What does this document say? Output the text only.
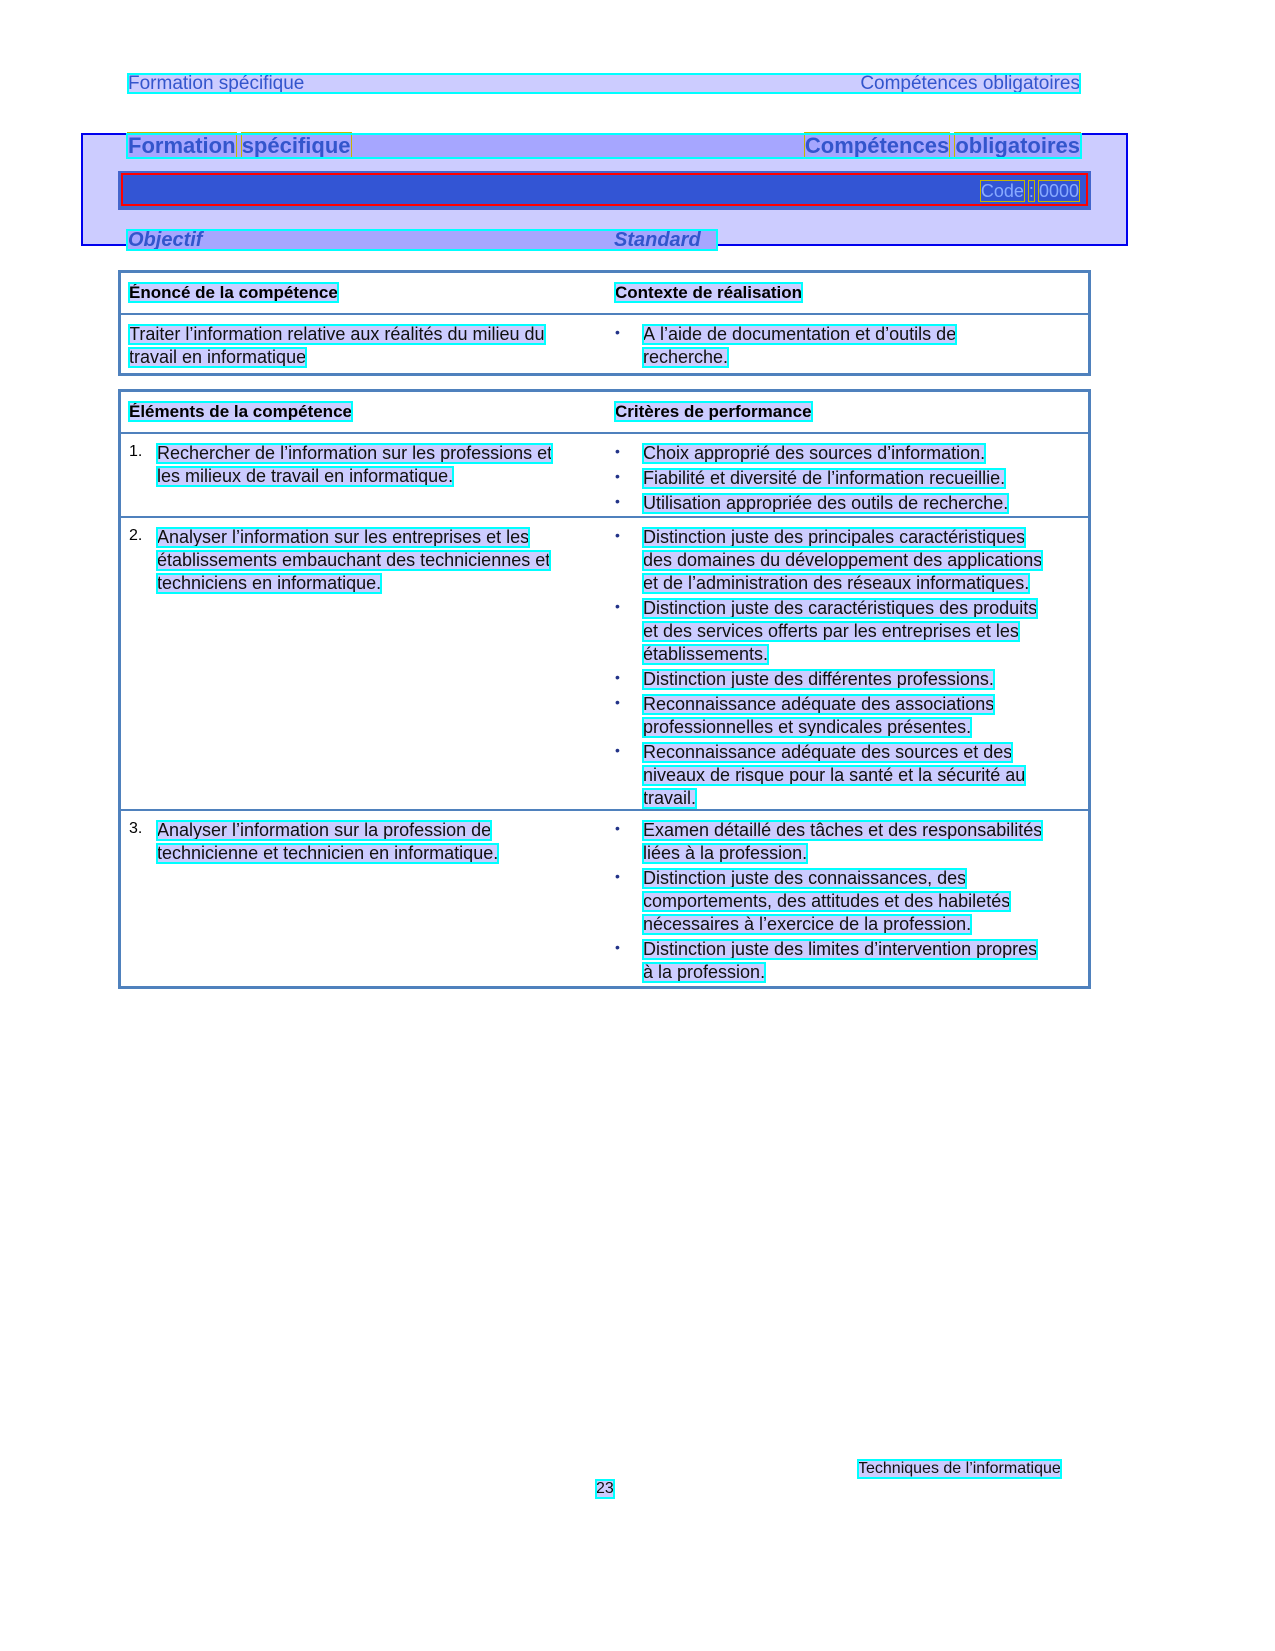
Formation spécifique	Compétences obligatoires
Formation spécifique	Compétences obligatoires
Code : 0000
Objectif	Standard
Énoncé de la compétence	Contexte de réalisation
Traiter l’information relative aux réalités du milieu du
travail en informatique
• À l’aide de documentation et d’outils de
recherche.
Éléments de la compétence	Critères de performance
1. Rechercher de l’information sur les professions et
les milieux de travail en informatique.
• Choix approprié des sources d’information.
• Fiabilité et diversité de l’information recueillie.
• Utilisation appropriée des outils de recherche.
2. Analyser l’information sur les entreprises et les
établissements embauchant des techniciennes et
techniciens en informatique.
• Distinction juste des principales caractéristiques
des domaines du développement des applications
et de l’administration des réseaux informatiques.
• Distinction juste des caractéristiques des produits
et des services offerts par les entreprises et les
établissements.
• Distinction juste des différentes professions.
• Reconnaissance adéquate des associations
professionnelles et syndicales présentes.
• Reconnaissance adéquate des sources et des
niveaux de risque pour la santé et la sécurité au
travail.
3. Analyser l’information sur la profession de
technicienne et technicien en informatique.
• Examen détaillé des tâches et des responsabilités
liées à la profession.
• Distinction juste des connaissances, des
comportements, des attitudes et des habiletés
nécessaires à l’exercice de la profession.
• Distinction juste des limites d’intervention propres
à la profession.
Techniques de l’informatique
23
